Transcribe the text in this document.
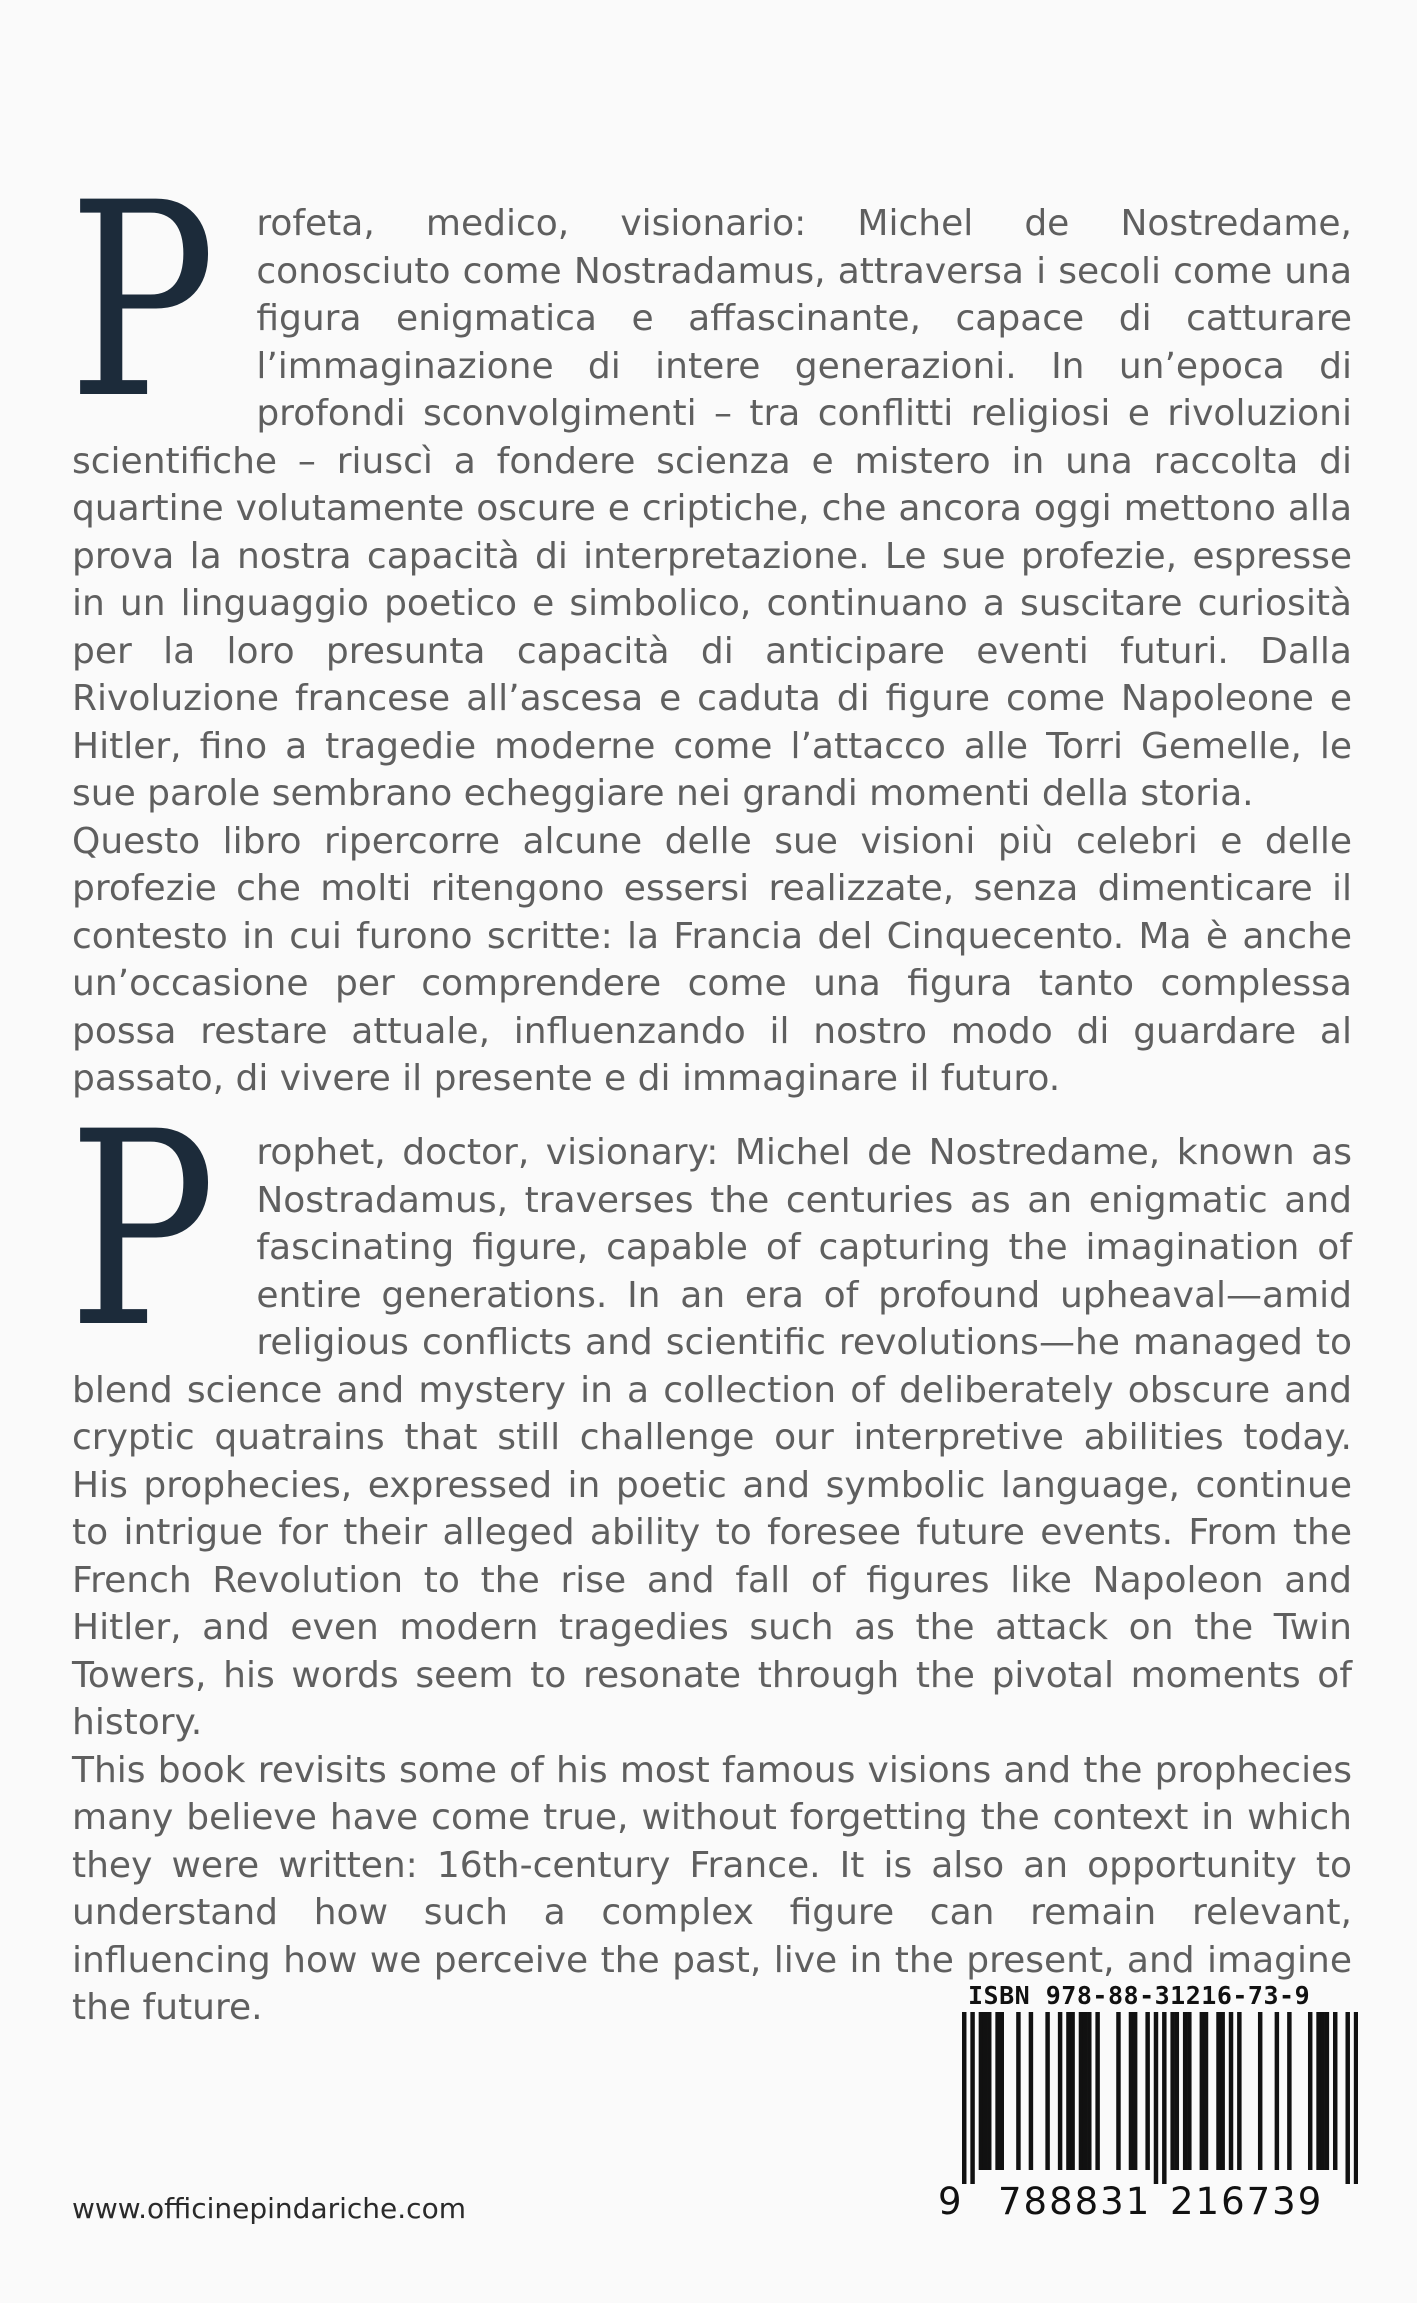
P	rofeta, medico, visionario: Michel de Nostredame, conosciuto come Nostradamus, attraversa i secoli come una figura enigmatica e affascinante, capace di catturare l’immaginazione di intere generazioni. In un’epoca di profondi sconvolgimenti – tra conflitti religiosi e rivoluzioni scientifiche – riuscì a fondere scienza e mistero in una raccolta di quartine volutamente oscure e criptiche, che ancora oggi mettono alla prova la nostra capacità di interpretazione. Le sue profezie, espresse in un linguaggio poetico e simbolico, continuano a suscitare curiosità per la loro presunta capacità di anticipare eventi futuri. Dalla Rivoluzione francese all’ascesa e caduta di figure come Napoleone e Hitler, fino a tragedie moderne come l’attacco alle Torri Gemelle, le sue parole sembrano echeggiare nei grandi momenti della storia.

Questo libro ripercorre alcune delle sue visioni più celebri e delle profezie che molti ritengono essersi realizzate, senza dimenticare il contesto in cui furono scritte: la Francia del Cinquecento. Ma è anche un’occasione per comprendere come una figura tanto complessa possa restare attuale, influenzando il nostro modo di guardare al passato, di vivere il presente e di immaginare il futuro.

P	rophet, doctor, visionary: Michel de Nostredame, known as Nostradamus, traverses the centuries as an enigmatic and fascinating figure, capable of capturing the imagination of entire generations. In an era of profound upheaval—amid religious conflicts and scientific revolutions—he managed to blend science and mystery in a collection of deliberately obscure and cryptic quatrains that still challenge our interpretive abilities today. His prophecies, expressed in poetic and symbolic language, continue to intrigue for their alleged ability to foresee future events. From the French Revolution to the rise and fall of figures like Napoleon and Hitler, and even modern tragedies such as the attack on the Twin Towers, his words seem to resonate through the pivotal moments of history.

This book revisits some of his most famous visions and the prophecies many believe have come true, without forgetting the context in which they were written: 16th-century France. It is also an opportunity to understand how such a complex figure can remain relevant, influencing how we perceive the past, live in the present, and imagine the future.

www.officinepindariche.com
ISBN 978-88-31216-73-9
9 788831 216739
